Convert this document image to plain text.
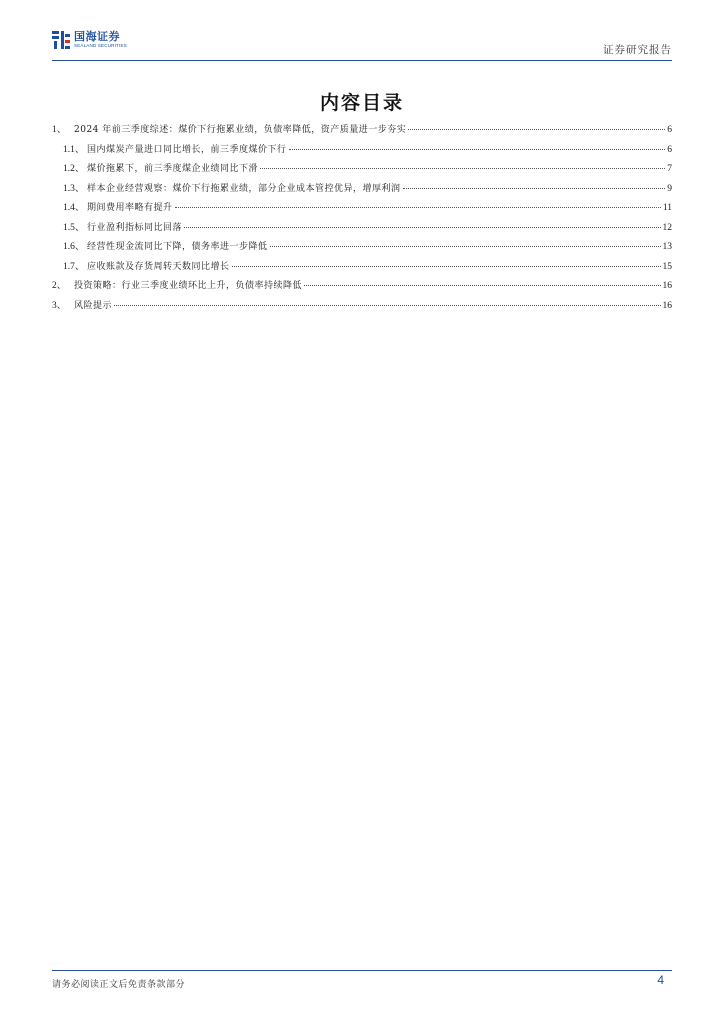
国海证券
SEALAND SECURITIES	证券研究报告
内容目录
1、 2024 年前三季度综述：煤价下行拖累业绩，负债率降低，资产质量进一步夯实	6
1.1、 国内煤炭产量进口同比增长，前三季度煤价下行	6
1.2、 煤价拖累下，前三季度煤企业绩同比下滑	7
1.3、 样本企业经营观察：煤价下行拖累业绩，部分企业成本管控优异，增厚利润	9
1.4、 期间费用率略有提升	11
1.5、 行业盈利指标同比回落	12
1.6、 经营性现金流同比下降，债务率进一步降低	13
1.7、 应收账款及存货周转天数同比增长	15
2、 投资策略：行业三季度业绩环比上升，负债率持续降低	16
3、 风险提示	16
请务必阅读正文后免责条款部分	4
